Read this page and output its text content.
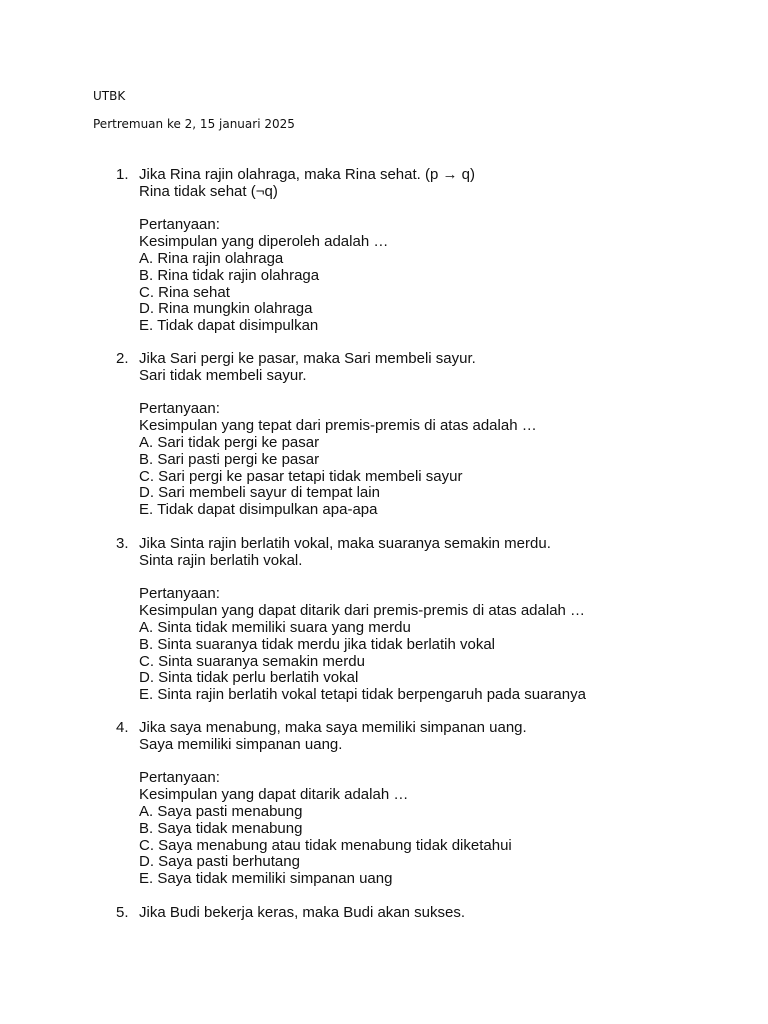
UTBK
Pertremuan ke 2, 15 januari 2025
1. Jika Rina rajin olahraga, maka Rina sehat. (p → q)
Rina tidak sehat (¬q)
Pertanyaan:
Kesimpulan yang diperoleh adalah …
A. Rina rajin olahraga
B. Rina tidak rajin olahraga
C. Rina sehat
D. Rina mungkin olahraga
E. Tidak dapat disimpulkan
2. Jika Sari pergi ke pasar, maka Sari membeli sayur.
Sari tidak membeli sayur.
Pertanyaan:
Kesimpulan yang tepat dari premis-premis di atas adalah …
A. Sari tidak pergi ke pasar
B. Sari pasti pergi ke pasar
C. Sari pergi ke pasar tetapi tidak membeli sayur
D. Sari membeli sayur di tempat lain
E. Tidak dapat disimpulkan apa-apa
3. Jika Sinta rajin berlatih vokal, maka suaranya semakin merdu.
Sinta rajin berlatih vokal.
Pertanyaan:
Kesimpulan yang dapat ditarik dari premis-premis di atas adalah …
A. Sinta tidak memiliki suara yang merdu
B. Sinta suaranya tidak merdu jika tidak berlatih vokal
C. Sinta suaranya semakin merdu
D. Sinta tidak perlu berlatih vokal
E. Sinta rajin berlatih vokal tetapi tidak berpengaruh pada suaranya
4. Jika saya menabung, maka saya memiliki simpanan uang.
Saya memiliki simpanan uang.
Pertanyaan:
Kesimpulan yang dapat ditarik adalah …
A. Saya pasti menabung
B. Saya tidak menabung
C. Saya menabung atau tidak menabung tidak diketahui
D. Saya pasti berhutang
E. Saya tidak memiliki simpanan uang
5. Jika Budi bekerja keras, maka Budi akan sukses.
